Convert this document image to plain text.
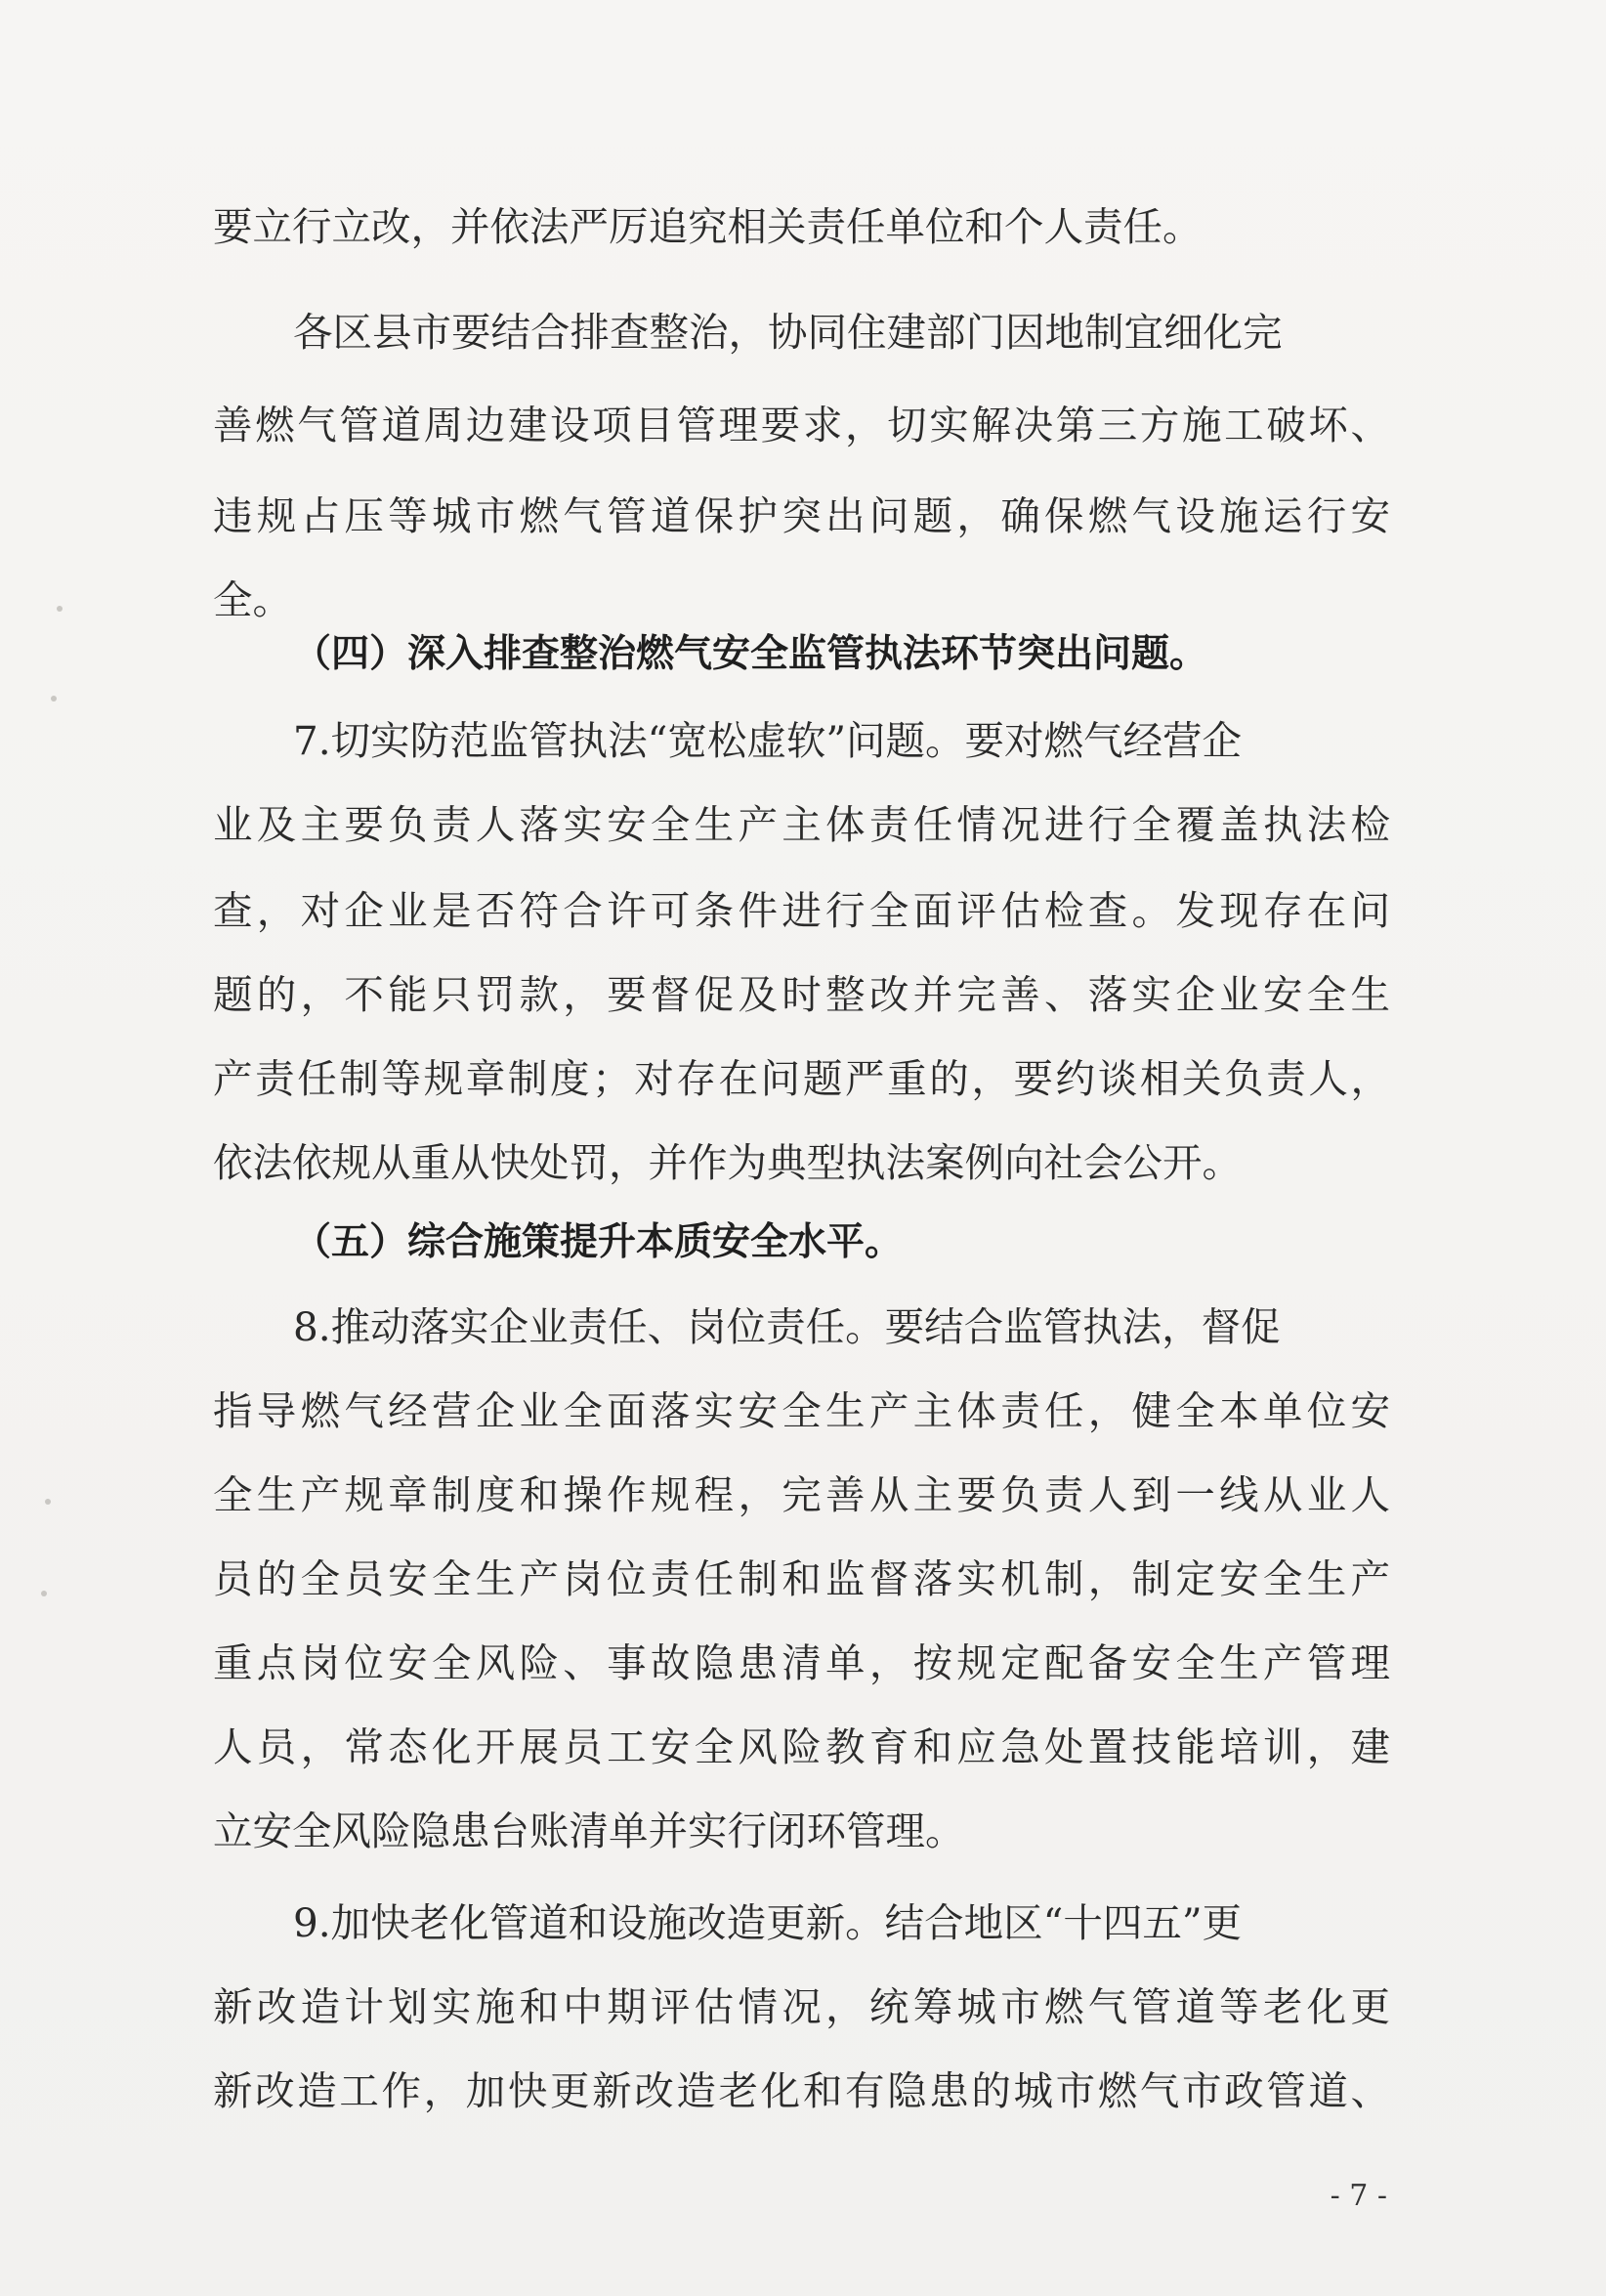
要立行立改，并依法严厉追究相关责任单位和个人责任。
各区县市要结合排查整治，协同住建部门因地制宜细化完
善燃气管道周边建设项目管理要求，切实解决第三方施工破坏、
违规占压等城市燃气管道保护突出问题，确保燃气设施运行安
全。
（四）深入排查整治燃气安全监管执法环节突出问题。
7.切实防范监管执法“宽松虚软”问题。要对燃气经营企
业及主要负责人落实安全生产主体责任情况进行全覆盖执法检
查，对企业是否符合许可条件进行全面评估检查。发现存在问
题的，不能只罚款，要督促及时整改并完善、落实企业安全生
产责任制等规章制度；对存在问题严重的，要约谈相关负责人，
依法依规从重从快处罚，并作为典型执法案例向社会公开。
（五）综合施策提升本质安全水平。
8.推动落实企业责任、岗位责任。要结合监管执法，督促
指导燃气经营企业全面落实安全生产主体责任，健全本单位安
全生产规章制度和操作规程，完善从主要负责人到一线从业人
员的全员安全生产岗位责任制和监督落实机制，制定安全生产
重点岗位安全风险、事故隐患清单，按规定配备安全生产管理
人员，常态化开展员工安全风险教育和应急处置技能培训，建
立安全风险隐患台账清单并实行闭环管理。
9.加快老化管道和设施改造更新。结合地区“十四五”更
新改造计划实施和中期评估情况，统筹城市燃气管道等老化更
新改造工作，加快更新改造老化和有隐患的城市燃气市政管道、
- 7 -
